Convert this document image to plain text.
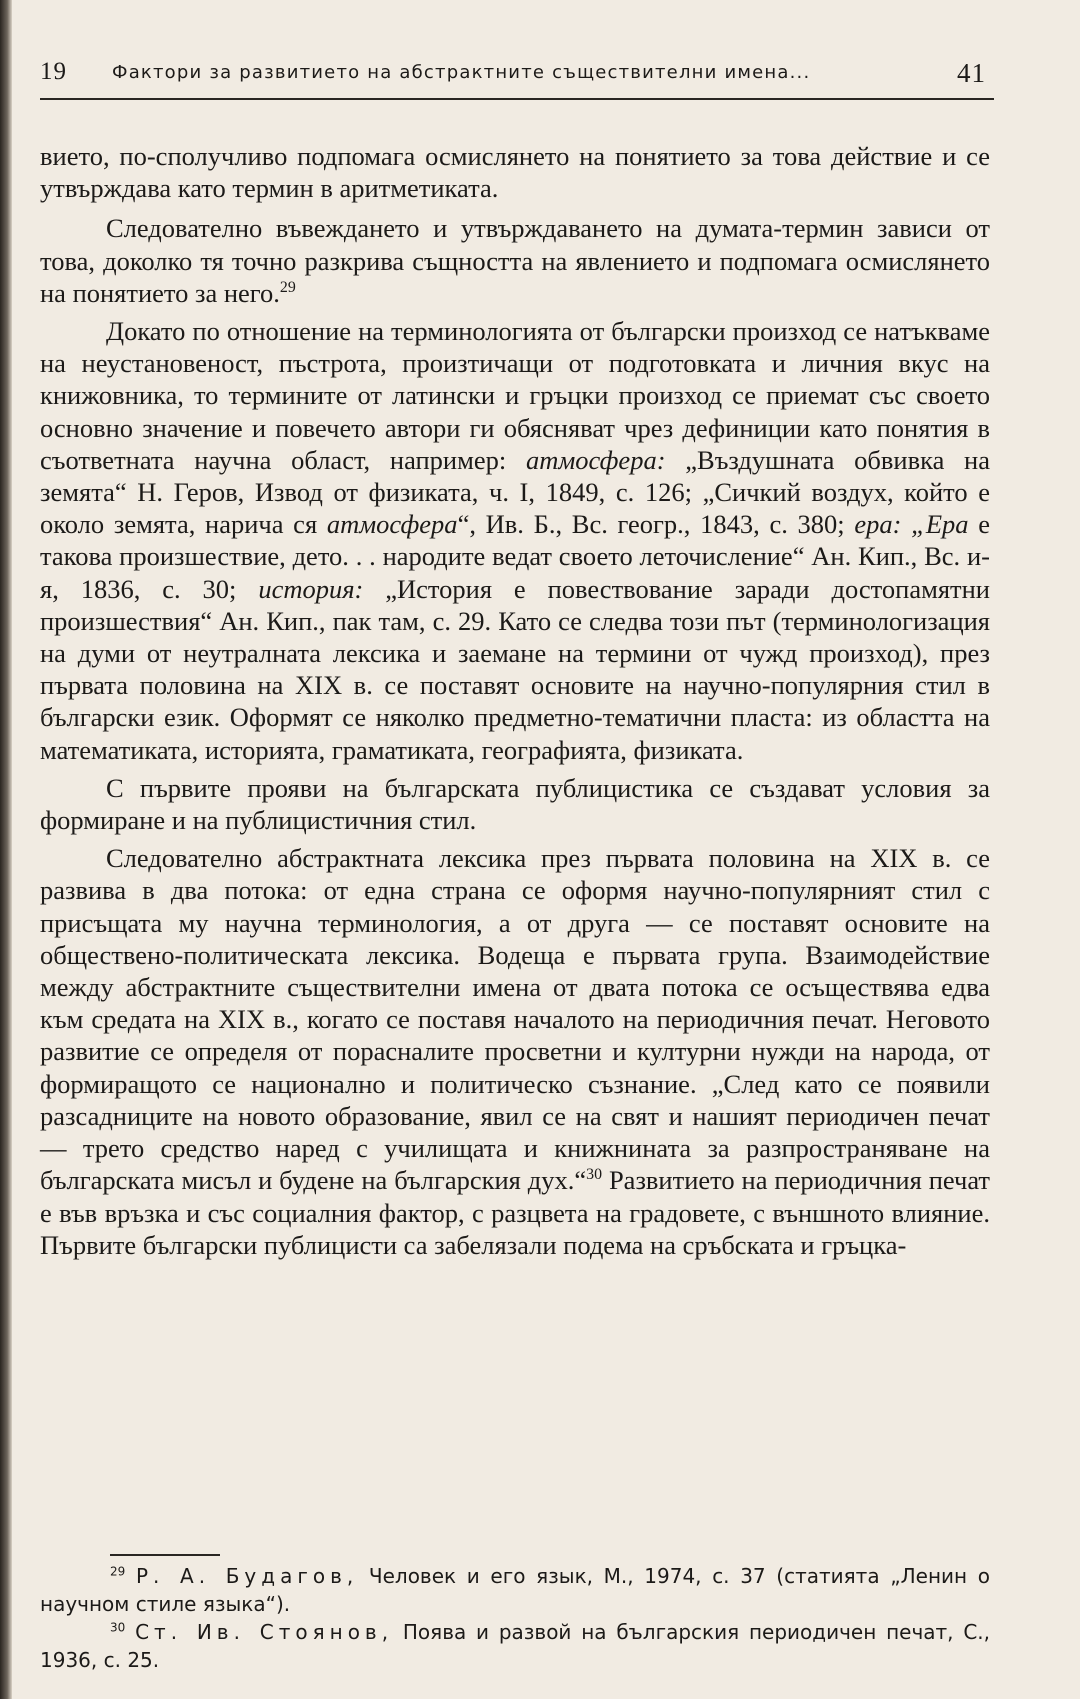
19	Фактори за развитието на абстрактните съществителни имена...	41

вието, по-сполучливо подпомага осмислянето на понятието за това действие и се утвърждава като термин в аритметиката.

Следователно въвеждането и утвърждаването на думата-термин зависи от това, доколко тя точно разкрива същността на явлението и подпомага осмислянето на понятието за него.$^{29}$

Докато по отношение на терминологията от български произход се натъкваме на неустановеност, пъстрота, произтичащи от подготовката и личния вкус на книжовника, то термините от латински и гръцки произход се приемат със своето основно значение и повечето автори ги обясняват чрез дефиниции като понятия в съответната научна област, например: атмосфера: „Въздушната обвивка на земята“ Н. Геров, Извод от физиката, ч. I, 1849, с. 126; „Сичкий воздух, който е около земята, нарича ся атмосфера“, Ив. Б., Вс. геогр., 1843, с. 380; ера: „Ера е такова произшествие, дето. . . народите ведат своето леточисление“ Ан. Кип., Вс. и-я, 1836, с. 30; история: „История е повествование заради достопамятни произшествия“ Ан. Кип., пак там, с. 29. Като се следва този път (терминологизация на думи от неутралната лексика и заемане на термини от чужд произход), през първата половина на XIX в. се поставят основите на научно-популярния стил в български език. Оформят се няколко предметно-тематични пласта: из областта на математиката, историята, граматиката, географията, физиката.

С първите прояви на българската публицистика се създават условия за формиране и на публицистичния стил.

Следователно абстрактната лексика през първата половина на XIX в. се развива в два потока: от една страна се оформя научно-популярният стил с присъщата му научна терминология, а от друга — се поставят основите на обществено-политическата лексика. Водеща е първата група. Взаимодействие между абстрактните съществителни имена от двата потока се осъществява едва към средата на XIX в., когато се поставя началото на периодичния печат. Неговото развитие се определя от порасналите просветни и културни нужди на народа, от формиращото се национално и политическо съзнание. „След като се появили разсадниците на новото образование, явил се на свят и нашият периодичен печат — трето средство наред с училищата и книжнината за разпространяване на българската мисъл и будене на българския дух.“$^{30}$ Развитието на периодичния печат е във връзка и със социалния фактор, с разцвета на градовете, с външното влияние. Първите български публицисти са забелязали подема на сръбската и гръцка-

$^{29}$ Р. А. Будагов, Человек и его язык, М., 1974, с. 37 (статията „Ленин о научном стиле языка“).

$^{30}$ Ст. Ив. Стоянов, Поява и развой на българския периодичен печат, С., 1936, с. 25.
